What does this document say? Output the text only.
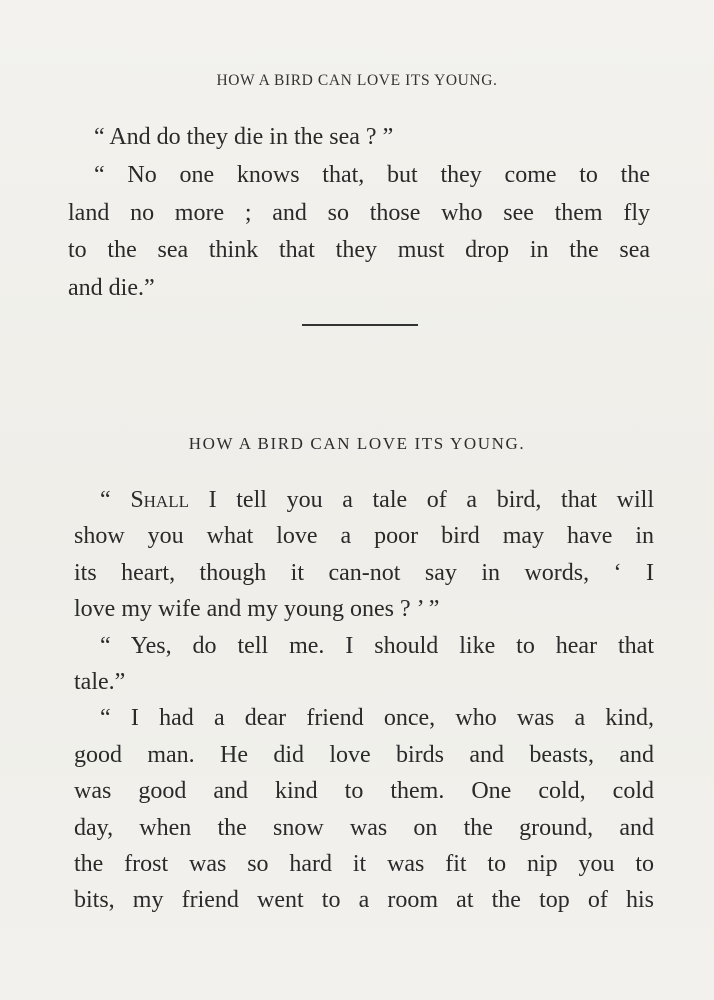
HOW A BIRD CAN LOVE ITS YOUNG.
“ And do they die in the sea ? ”
“ No one knows that, but they come to the
land no more ; and so those who see them fly
to the sea think that they must drop in the sea
and die.”
HOW A BIRD CAN LOVE ITS YOUNG.
“ Shall I tell you a tale of a bird, that will
show you what love a poor bird may have in
its heart, though it can-not say in words, ‘ I
love my wife and my young ones ? ’ ”
“ Yes, do tell me. I should like to hear that
tale.”
“ I had a dear friend once, who was a kind,
good man. He did love birds and beasts, and
was good and kind to them. One cold, cold
day, when the snow was on the ground, and
the frost was so hard it was fit to nip you to
bits, my friend went to a room at the top of his
